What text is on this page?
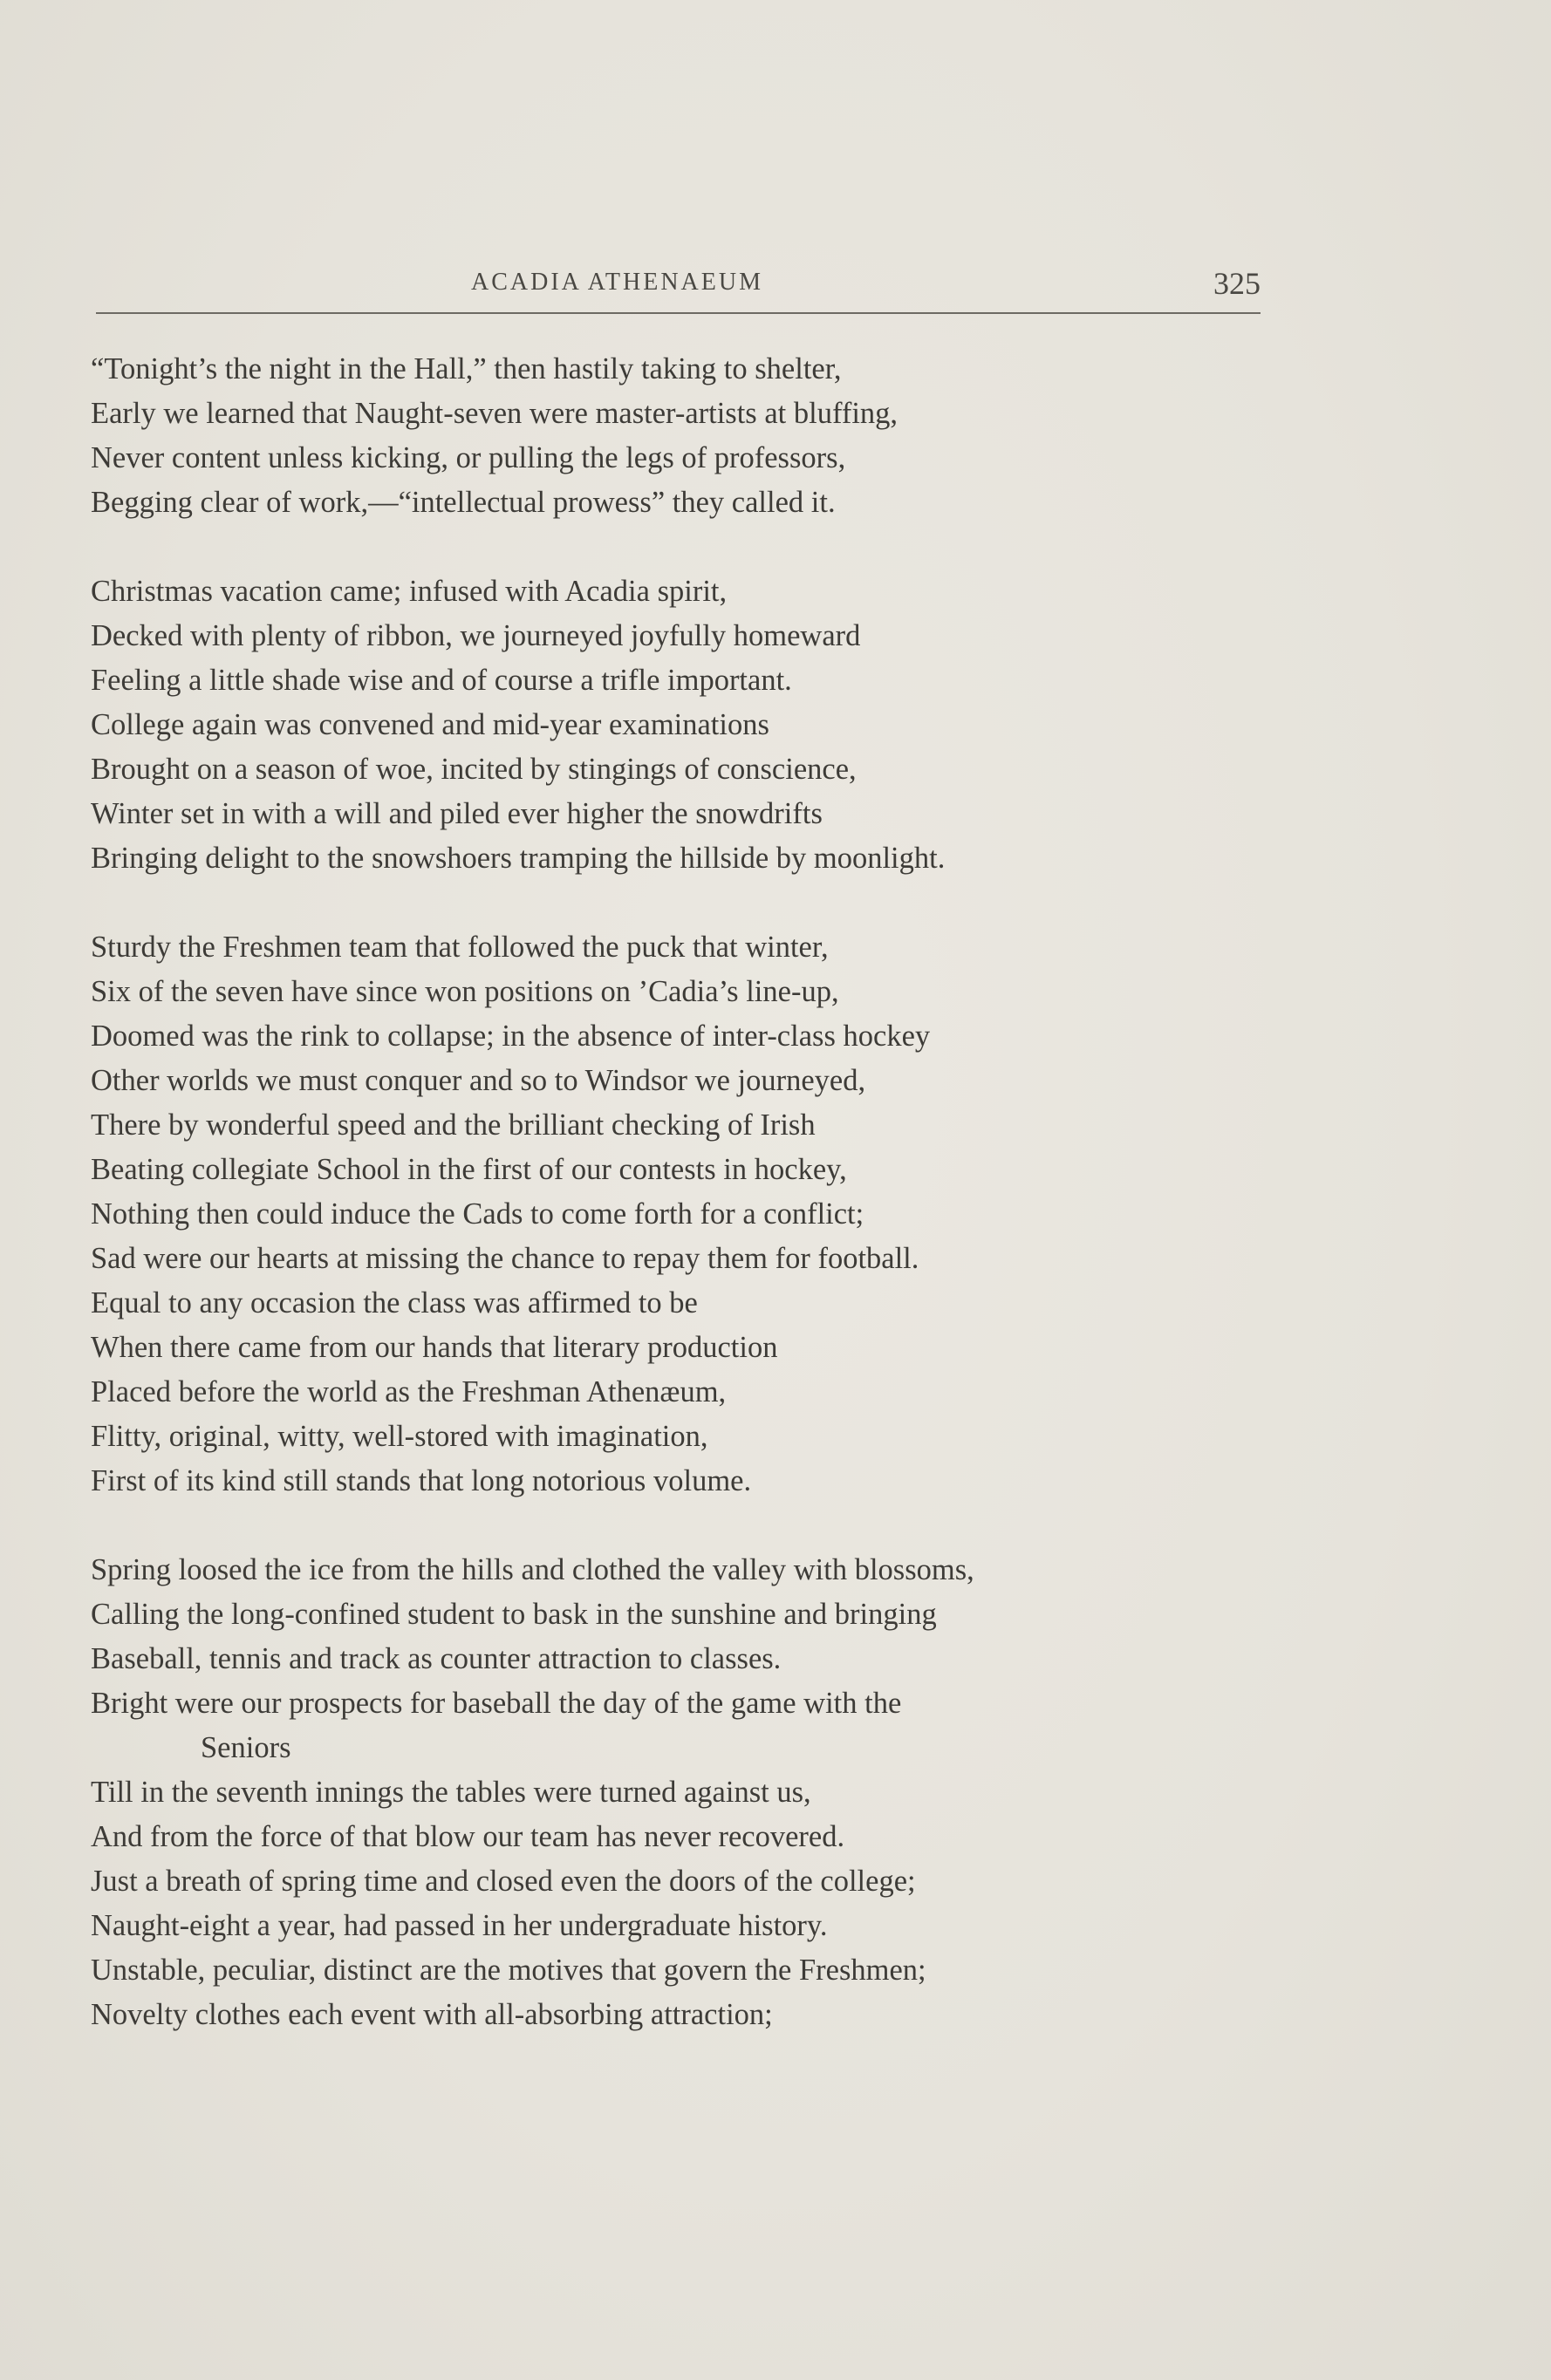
ACADIA ATHENAEUM	325
“Tonight’s the night in the Hall,” then hastily taking to shelter,
Early we learned that Naught-seven were master-artists at bluffing,
Never content unless kicking, or pulling the legs of professors,
Begging clear of work,—“intellectual prowess” they called it.
Christmas vacation came; infused with Acadia spirit,
Decked with plenty of ribbon, we journeyed joyfully homeward
Feeling a little shade wise and of course a trifle important.
College again was convened and mid-year examinations
Brought on a season of woe, incited by stingings of conscience,
Winter set in with a will and piled ever higher the snowdrifts
Bringing delight to the snowshoers tramping the hillside by moonlight.
Sturdy the Freshmen team that followed the puck that winter,
Six of the seven have since won positions on ’Cadia’s line-up,
Doomed was the rink to collapse; in the absence of inter-class hockey
Other worlds we must conquer and so to Windsor we journeyed,
There by wonderful speed and the brilliant checking of Irish
Beating collegiate School in the first of our contests in hockey,
Nothing then could induce the Cads to come forth for a conflict;
Sad were our hearts at missing the chance to repay them for football.
Equal to any occasion the class was affirmed to be
When there came from our hands that literary production
Placed before the world as the Freshman Athenæum,
Flitty, original, witty, well-stored with imagination,
First of its kind still stands that long notorious volume.
Spring loosed the ice from the hills and clothed the valley with blossoms,
Calling the long-confined student to bask in the sunshine and bringing
Baseball, tennis and track as counter attraction to classes.
Bright were our prospects for baseball the day of the game with the
Seniors
Till in the seventh innings the tables were turned against us,
And from the force of that blow our team has never recovered.
Just a breath of spring time and closed even the doors of the college;
Naught-eight a year, had passed in her undergraduate history.
Unstable, peculiar, distinct are the motives that govern the Freshmen;
Novelty clothes each event with all-absorbing attraction;
